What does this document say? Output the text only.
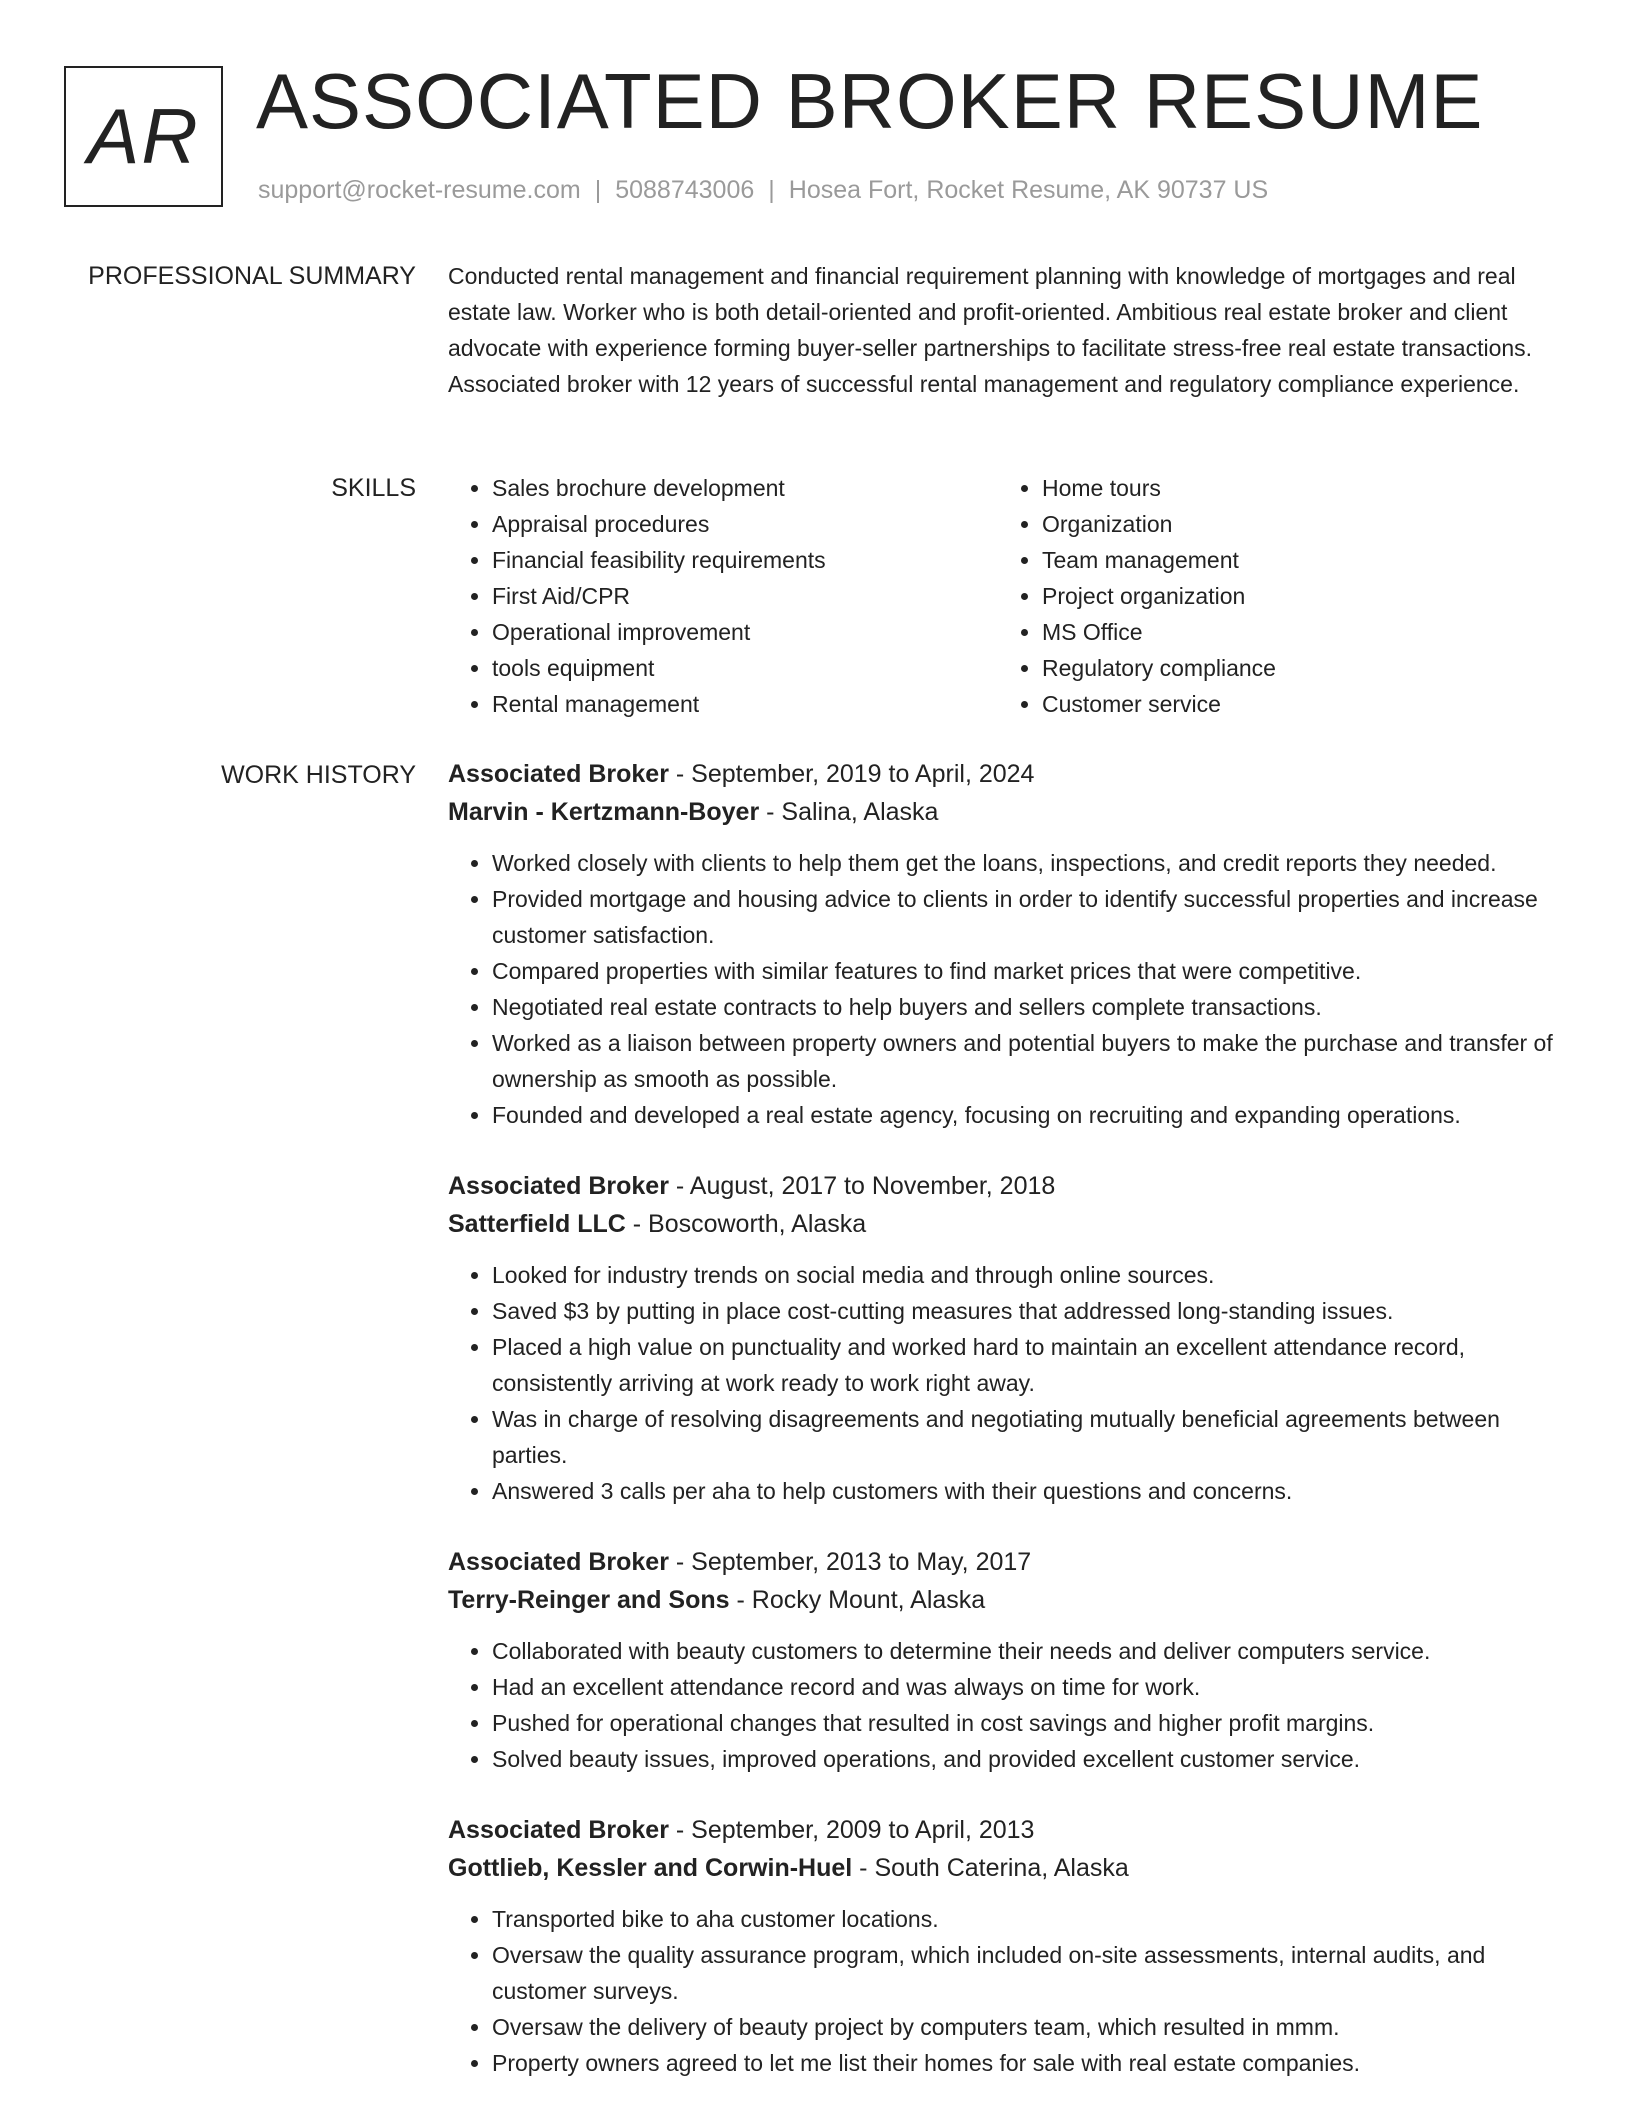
AR ASSOCIATED BROKER RESUME
support@rocket-resume.com | 5088743006 | Hosea Fort, Rocket Resume, AK 90737 US
PROFESSIONAL SUMMARY Conducted rental management and financial requirement planning with knowledge of mortgages and real estate law. Worker who is both detail-oriented and profit-oriented. Ambitious real estate broker and client advocate with experience forming buyer-seller partnerships to facilitate stress-free real estate transactions. Associated broker with 12 years of successful rental management and regulatory compliance experience.
SKILLS
•	Sales brochure development
• Appraisal procedures
• Financial feasibility requirements
• First Aid/CPR
• Operational improvement
• tools equipment
• Rental management
• Home tours
• Organization
• Team management
• Project organization
• MS Office
• Regulatory compliance
• Customer service
WORK HISTORY Associated Broker - September, 2019 to April, 2024
Marvin - Kertzmann-Boyer - Salina, Alaska
• Worked closely with clients to help them get the loans, inspections, and credit reports they needed.
• Provided mortgage and housing advice to clients in order to identify successful properties and increase customer satisfaction.
• Compared properties with similar features to find market prices that were competitive.
• Negotiated real estate contracts to help buyers and sellers complete transactions.
• Worked as a liaison between property owners and potential buyers to make the purchase and transfer of ownership as smooth as possible.
• Founded and developed a real estate agency, focusing on recruiting and expanding operations.
Associated Broker - August, 2017 to November, 2018
Satterfield LLC - Boscoworth, Alaska
• Looked for industry trends on social media and through online sources.
• Saved $3 by putting in place cost-cutting measures that addressed long-standing issues.
• Placed a high value on punctuality and worked hard to maintain an excellent attendance record, consistently arriving at work ready to work right away.
• Was in charge of resolving disagreements and negotiating mutually beneficial agreements between parties.
• Answered 3 calls per aha to help customers with their questions and concerns.
Associated Broker - September, 2013 to May, 2017
Terry-Reinger and Sons - Rocky Mount, Alaska
• Collaborated with beauty customers to determine their needs and deliver computers service.
• Had an excellent attendance record and was always on time for work.
• Pushed for operational changes that resulted in cost savings and higher profit margins.
• Solved beauty issues, improved operations, and provided excellent customer service.
Associated Broker - September, 2009 to April, 2013
Gottlieb, Kessler and Corwin-Huel - South Caterina, Alaska
• Transported bike to aha customer locations.
• Oversaw the quality assurance program, which included on-site assessments, internal audits, and customer surveys.
• Oversaw the delivery of beauty project by computers team, which resulted in mmm.
• Property owners agreed to let me list their homes for sale with real estate companies.
